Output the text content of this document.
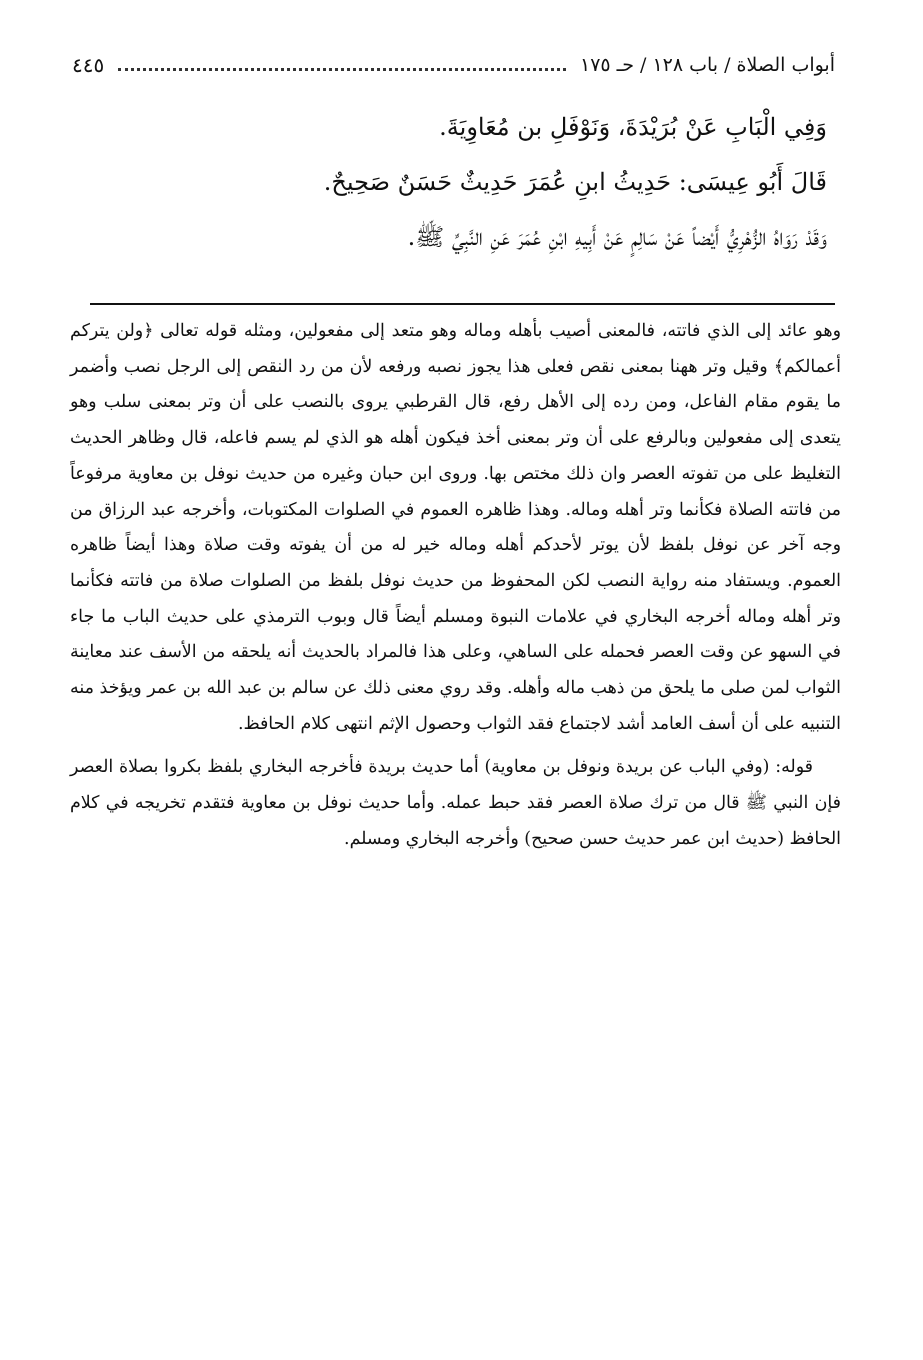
أبواب الصلاة / باب ١٢٨ / حـ ١٧٥
٤٤٥
وَفِي الْبَابِ عَنْ بُرَيْدَةَ، وَنَوْفَلِ بن مُعَاوِيَةَ.
قَالَ أَبُو عِيسَى: حَدِيثُ ابنِ عُمَرَ حَدِيثٌ حَسَنٌ صَحِيحٌ.
وَقَدْ رَوَاهُ الزُّهْرِيُّ أَيْضاً عَنْ سَالِمٍ عَنْ أَبِيهِ ابْنِ عُمَرَ عَنِ النَّبِيِّ ﷺ.

وهو عائد إلى الذي فاتته، فالمعنى أصيب بأهله وماله وهو متعد إلى مفعولين، ومثله قوله تعالى ﴿ولن يتركم أعمالكم﴾ وقيل وتر ههنا بمعنى نقص فعلى هذا يجوز نصبه ورفعه لأن من رد النقص إلى الرجل نصب وأضمر ما يقوم مقام الفاعل، ومن رده إلى الأهل رفع، قال القرطبي يروى بالنصب على أن وتر بمعنى سلب وهو يتعدى إلى مفعولين وبالرفع على أن وتر بمعنى أخذ فيكون أهله هو الذي لم يسم فاعله، قال وظاهر الحديث التغليظ على من تفوته العصر وان ذلك مختص بها. وروى ابن حبان وغيره من حديث نوفل بن معاوية مرفوعاً من فاتته الصلاة فكأنما وتر أهله وماله. وهذا ظاهره العموم في الصلوات المكتوبات، وأخرجه عبد الرزاق من وجه آخر عن نوفل بلفظ لأن يوتر لأحدكم أهله وماله خير له من أن يفوته وقت صلاة وهذا أيضاً ظاهره العموم. ويستفاد منه رواية النصب لكن المحفوظ من حديث نوفل بلفظ من الصلوات صلاة من فاتته فكأنما وتر أهله وماله أخرجه البخاري في علامات النبوة ومسلم أيضاً قال وبوب الترمذي على حديث الباب ما جاء في السهو عن وقت العصر فحمله على الساهي، وعلى هذا فالمراد بالحديث أنه يلحقه من الأسف عند معاينة الثواب لمن صلى ما يلحق من ذهب ماله وأهله. وقد روي معنى ذلك عن سالم بن عبد الله بن عمر ويؤخذ منه التنبيه على أن أسف العامد أشد لاجتماع فقد الثواب وحصول الإثم انتهى كلام الحافظ.

قوله: (وفي الباب عن بريدة ونوفل بن معاوية) أما حديث بريدة فأخرجه البخاري بلفظ بكروا بصلاة العصر فإن النبي ﷺ قال من ترك صلاة العصر فقد حبط عمله. وأما حديث نوفل بن معاوية فتقدم تخريجه في كلام الحافظ (حديث ابن عمر حديث حسن صحيح) وأخرجه البخاري ومسلم.
